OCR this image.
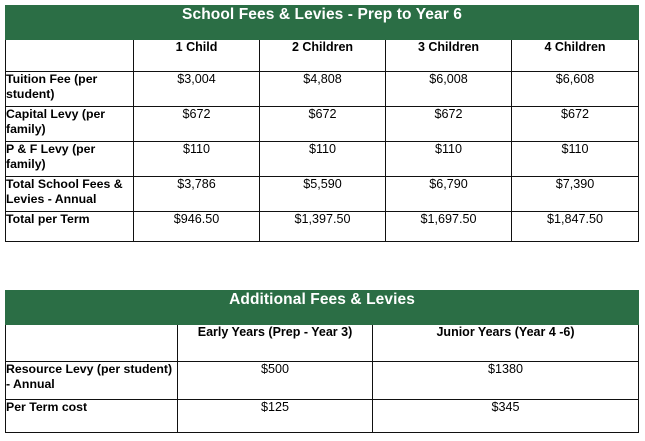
School Fees & Levies - Prep to Year 6				
	1 Child	2 Children	3 Children	4 Children
Tuition Fee (per student)	$3,004	$4,808	$6,008	$6,608
Capital Levy (per family)	$672	$672	$672	$672
P & F Levy (per family)	$110	$110	$110	$110
Total School Fees & Levies - Annual	$3,786	$5,590	$6,790	$7,390
Total per Term	$946.50	$1,397.50	$1,697.50	$1,847.50
Additional Fees & Levies		
	Early Years (Prep - Year 3)	Junior Years (Year 4 -6)
Resource Levy (per student) - Annual	$500	$1380
Per Term cost	$125	$345
